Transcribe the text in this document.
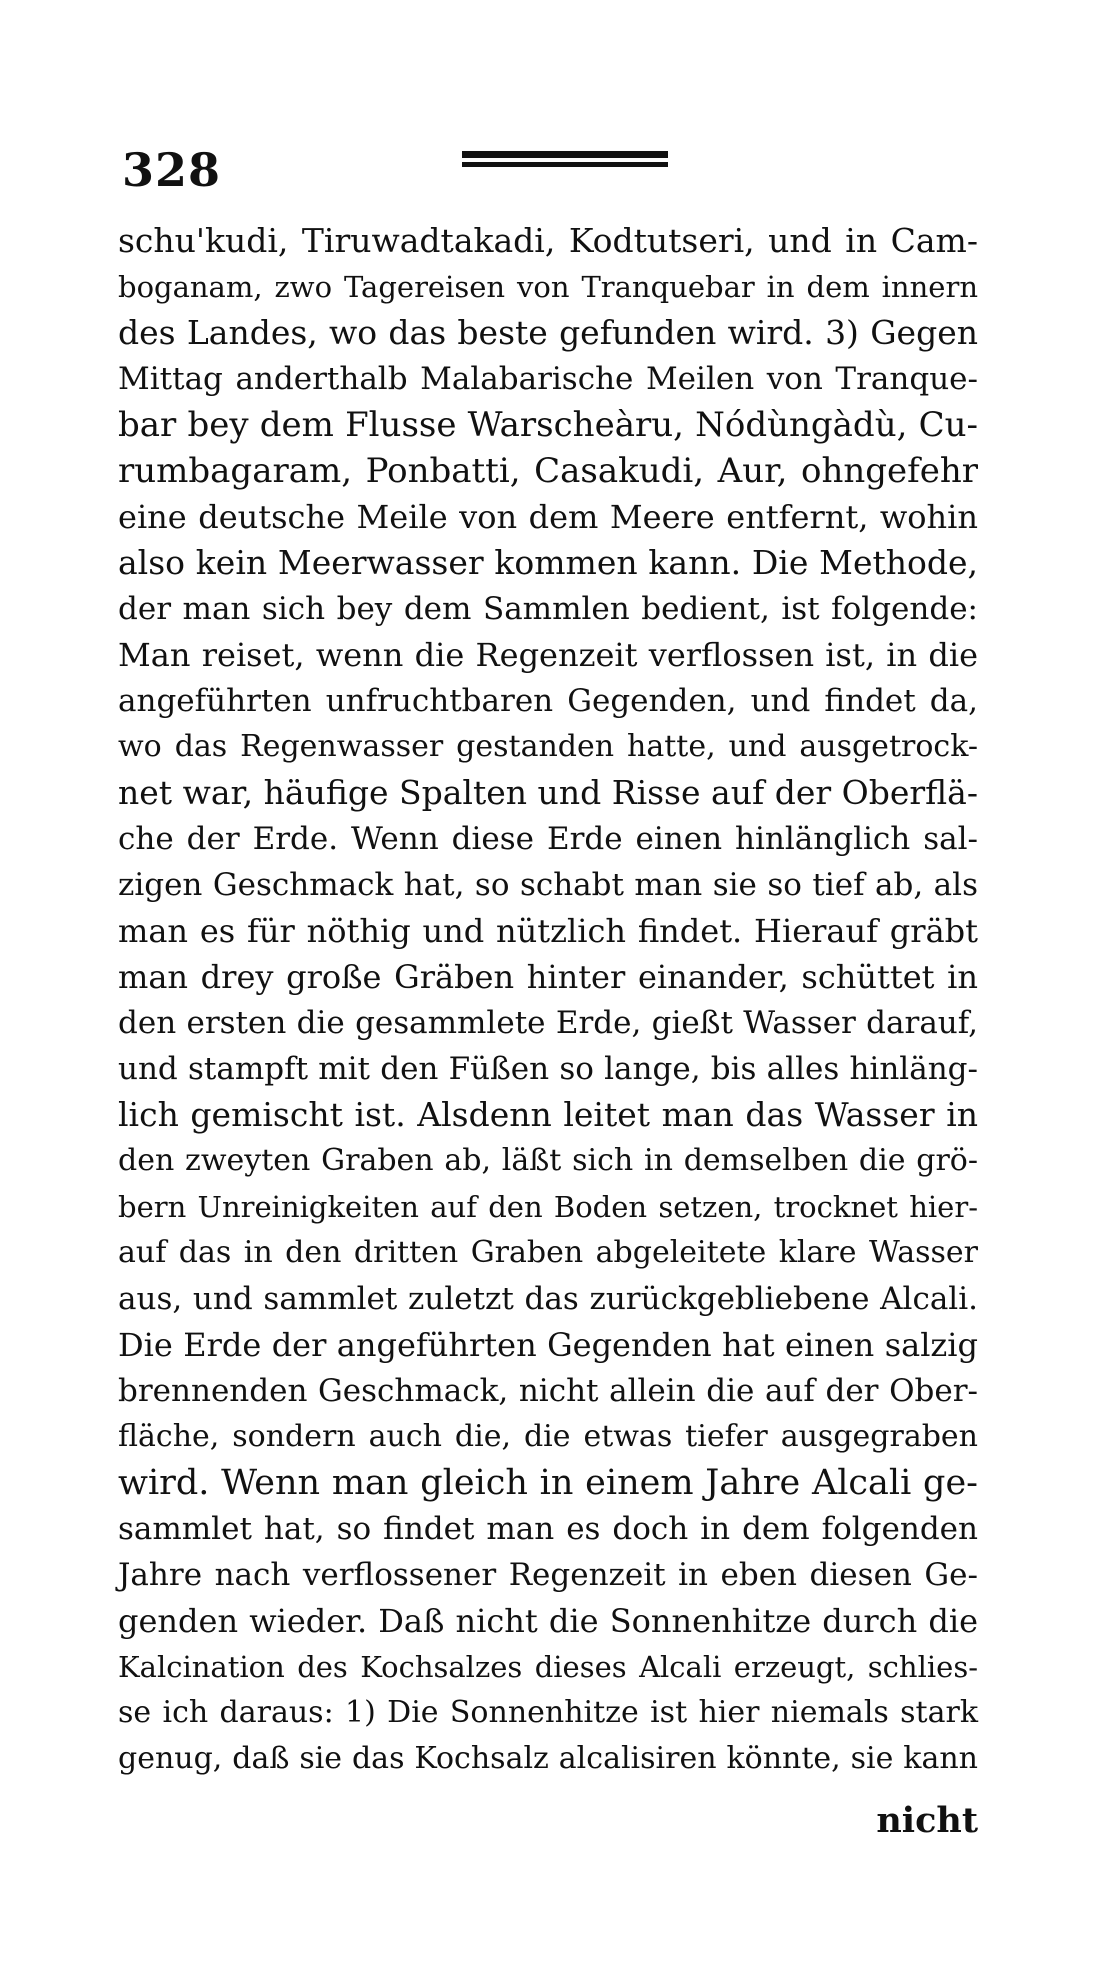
328
schu'kudi, Tiruwadtakadi, Kodtutseri, und in Cam-
boganam, zwo Tagereisen von Tranquebar in dem innern
des Landes, wo das beste gefunden wird. 3) Gegen
Mittag anderthalb Malabarische Meilen von Tranque-
bar bey dem Flusse Warscheàru, Nódùngàdù, Cu-
rumbagaram, Ponbatti, Casakudi, Aur, ohngefehr
eine deutsche Meile von dem Meere entfernt, wohin
also kein Meerwasser kommen kann. Die Methode,
der man sich bey dem Sammlen bedient, ist folgende:
Man reiset, wenn die Regenzeit verflossen ist, in die
angeführten unfruchtbaren Gegenden, und findet da,
wo das Regenwasser gestanden hatte, und ausgetrock-
net war, häufige Spalten und Risse auf der Oberflä-
che der Erde. Wenn diese Erde einen hinlänglich sal-
zigen Geschmack hat, so schabt man sie so tief ab, als
man es für nöthig und nützlich findet. Hierauf gräbt
man drey große Gräben hinter einander, schüttet in
den ersten die gesammlete Erde, gießt Wasser darauf,
und stampft mit den Füßen so lange, bis alles hinläng-
lich gemischt ist. Alsdenn leitet man das Wasser in
den zweyten Graben ab, läßt sich in demselben die grö-
bern Unreinigkeiten auf den Boden setzen, trocknet hier-
auf das in den dritten Graben abgeleitete klare Wasser
aus, und sammlet zuletzt das zurückgebliebene Alcali.
Die Erde der angeführten Gegenden hat einen salzig
brennenden Geschmack, nicht allein die auf der Ober-
fläche, sondern auch die, die etwas tiefer ausgegraben
wird. Wenn man gleich in einem Jahre Alcali ge-
sammlet hat, so findet man es doch in dem folgenden
Jahre nach verflossener Regenzeit in eben diesen Ge-
genden wieder. Daß nicht die Sonnenhitze durch die
Kalcination des Kochsalzes dieses Alcali erzeugt, schlies-
se ich daraus: 1) Die Sonnenhitze ist hier niemals stark
genug, daß sie das Kochsalz alcalisiren könnte, sie kann
nicht
